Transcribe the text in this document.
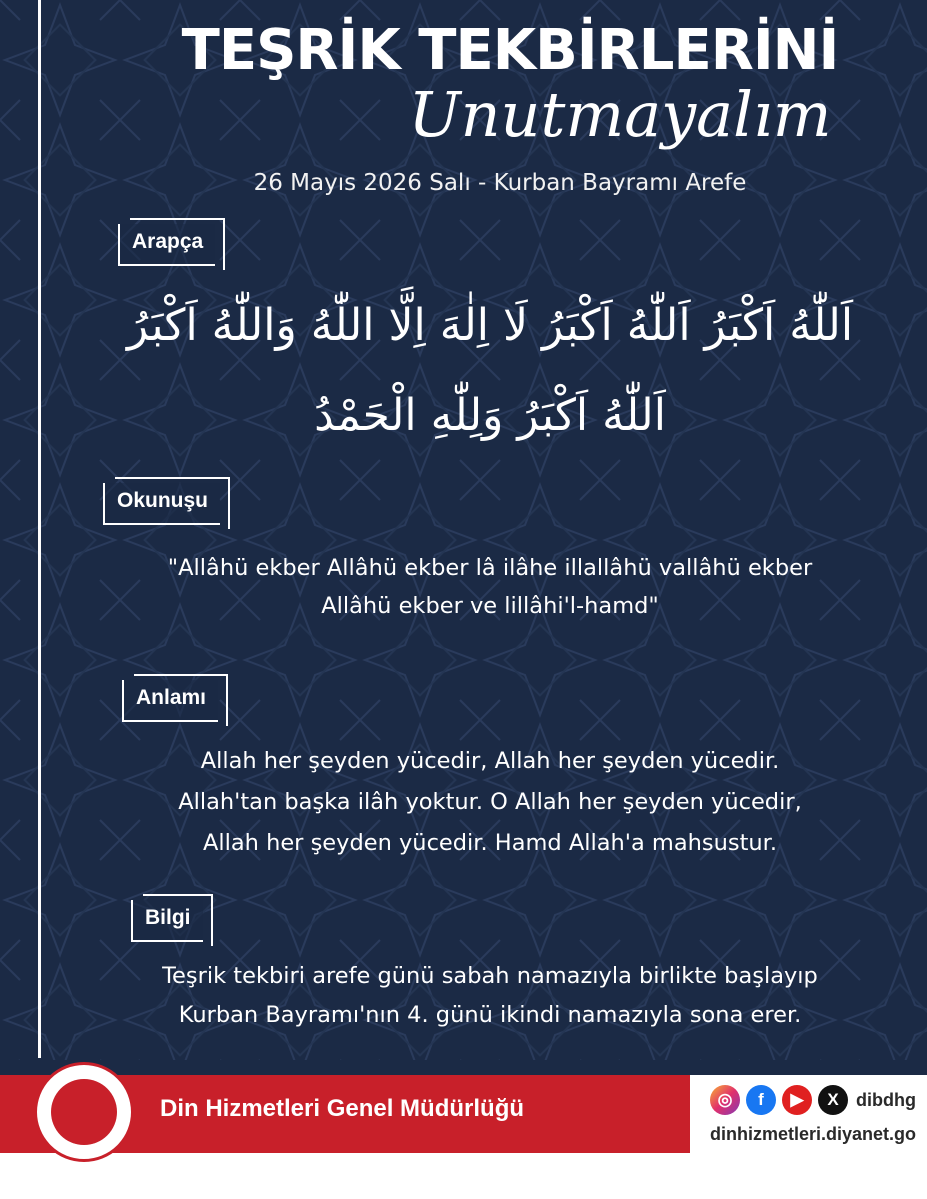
TEŞRİK TEKBİRLERİNİ
Unutmayalım
26 Mayıs 2026 Salı - Kurban Bayramı Arefe
Arapça
اَللّٰهُ اَكْبَرُ اَللّٰهُ اَكْبَرُ لَا اِلٰهَ اِلَّا اللّٰهُ وَاللّٰهُ اَكْبَرُ
اَللّٰهُ اَكْبَرُ وَلِلّٰهِ الْحَمْدُ
Okunuşu
"Allâhü ekber Allâhü ekber lâ ilâhe illallâhü vallâhü ekber
Allâhü ekber ve lillâhi'l-hamd"
Anlamı
Allah her şeyden yücedir, Allah her şeyden yücedir.
Allah'tan başka ilâh yoktur. O Allah her şeyden yücedir,
Allah her şeyden yücedir. Hamd Allah'a mahsustur.
Bilgi
Teşrik tekbiri arefe günü sabah namazıyla birlikte başlayıp
Kurban Bayramı'nın 4. günü ikindi namazıyla sona erer.
Din Hizmetleri Genel Müdürlüğü	◎	f	▶	X dibdhg
dinhizmetleri.diyanet.go
